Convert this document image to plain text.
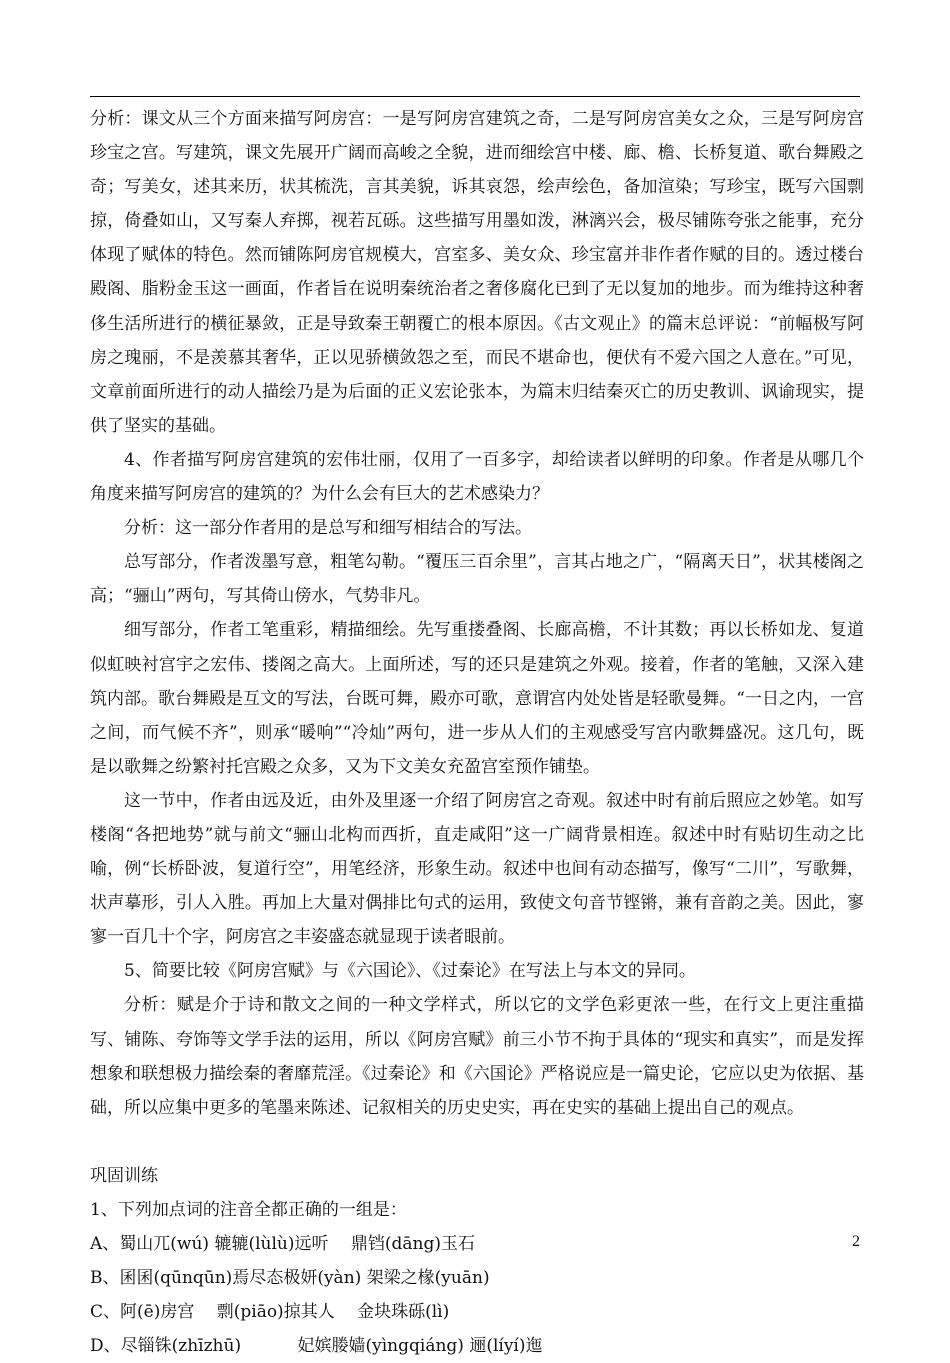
分析：课文从三个方面来描写阿房宫：一是写阿房宫建筑之奇，二是写阿房宫美女之众，三是写阿房宫珍宝之宫。写建筑，课文先展开广阔而高峻之全貌，进而细绘宫中楼、廊、檐、长桥复道、歌台舞殿之奇；写美女，述其来历，状其梳洗，言其美貌，诉其哀怨，绘声绘色，备加渲染；写珍宝，既写六国剽掠，倚叠如山，又写秦人弃掷，视若瓦砾。这些描写用墨如泼，淋漓兴会，极尽铺陈夸张之能事，充分体现了赋体的特色。然而铺陈阿房官规模大，宫室多、美女众、珍宝富并非作者作赋的目的。透过楼台殿阁、脂粉金玉这一画面，作者旨在说明秦统治者之奢侈腐化已到了无以复加的地步。而为维持这种奢侈生活所进行的横征暴敛，正是导致秦王朝覆亡的根本原因。《古文观止》的篇末总评说：“前幅极写阿房之瑰丽，不是羡慕其奢华，正以见骄横敛怨之至，而民不堪命也，便伏有不爱六国之人意在。”可见，文章前面所进行的动人描绘乃是为后面的正义宏论张本，为篇末归结秦灭亡的历史教训、讽谕现实，提供了坚实的基础。

4、作者描写阿房宫建筑的宏伟壮丽，仅用了一百多字，却给读者以鲜明的印象。作者是从哪几个角度来描写阿房宫的建筑的？为什么会有巨大的艺术感染力？

分析：这一部分作者用的是总写和细写相结合的写法。

总写部分，作者泼墨写意，粗笔勾勒。“覆压三百余里”，言其占地之广，“隔离天日”，状其楼阁之高；“骊山”两句，写其倚山傍水，气势非凡。

细写部分，作者工笔重彩，精描细绘。先写重搂叠阁、长廊高檐，不计其数；再以长桥如龙、复道似虹映衬宫宇之宏伟、搂阁之高大。上面所述，写的还只是建筑之外观。接着，作者的笔触，又深入建筑内部。歌台舞殿是互文的写法，台既可舞，殿亦可歌，意谓宫内处处皆是轻歌曼舞。“一日之内，一宫之间，而气候不齐”，则承“暖响”“冷灿”两句，进一步从人们的主观感受写宫内歌舞盛况。这几句，既是以歌舞之纷繁衬托宫殿之众多，又为下文美女充盈宫室预作铺垫。

这一节中，作者由远及近，由外及里逐一介绍了阿房宫之奇观。叙述中时有前后照应之妙笔。如写楼阁“各把地势”就与前文“骊山北构而西折，直走咸阳”这一广阔背景相连。叙述中时有贴切生动之比喻，例“长桥卧波，复道行空”，用笔经济，形象生动。叙述中也间有动态描写，像写“二川”，写歌舞，状声摹形，引人入胜。再加上大量对偶排比句式的运用，致使文句音节铿锵，兼有音韵之美。因此，寥寥一百几十个字，阿房宫之丰姿盛态就显现于读者眼前。

5、简要比较《阿房宫赋》与《六国论》、《过秦论》在写法上与本文的异同。

分析：赋是介于诗和散文之间的一种文学样式，所以它的文学色彩更浓一些，在行文上更注重描写、铺陈、夸饰等文学手法的运用，所以《阿房宫赋》前三小节不拘于具体的“现实和真实”，而是发挥想象和联想极力描绘秦的奢靡荒淫。《过秦论》和《六国论》严格说应是一篇史论，它应以史为依据、基础，所以应集中更多的笔墨来陈述、记叙相关的历史史实，再在史实的基础上提出自己的观点。

巩固训练

1、下列加点词的注音全都正确的一组是：

A、蜀山兀(wú) 辘辘(lùlù)远听　 鼎铛(dāng)玉石

B、囷囷(qūnqūn)焉尽态极妍(yàn) 架梁之椽(yuān)

C、阿(ē)房宫　 剽(piāo)掠其人　 金块珠砾(lì)

D、尽锱铢(zhīzhū)　　　 妃嫔媵嫱(yìngqiáng) 逦(líyí)迤

2
